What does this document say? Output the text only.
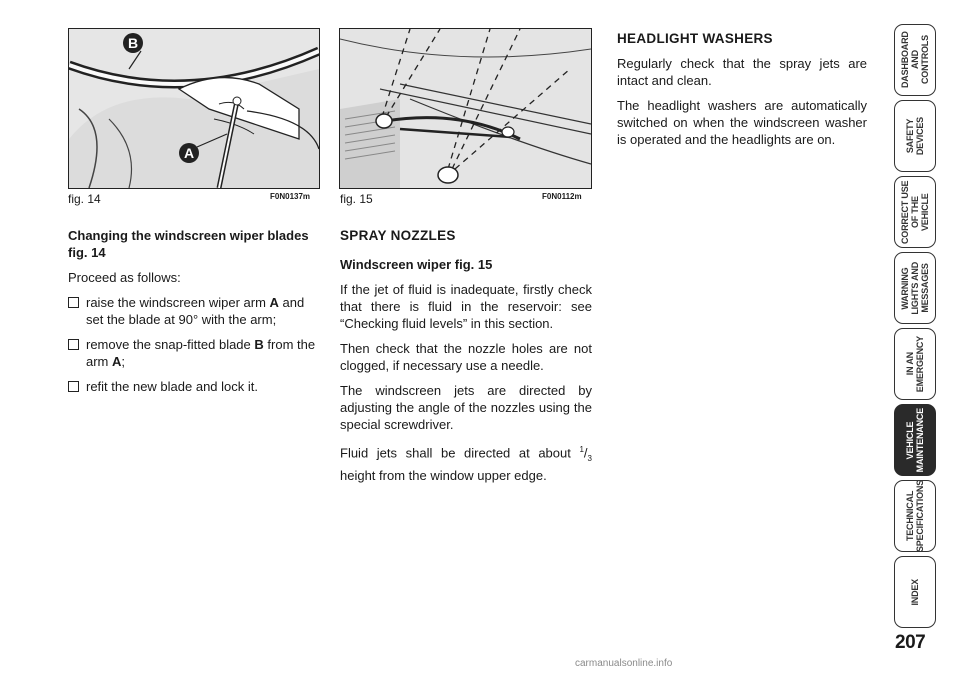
B
A
fig. 14	F0N0137m fig. 15	F0N0112m
Changing the windscreen wiper blades fig. 14

Proceed as follows:

raise the windscreen wiper arm A and set the blade at 90° with the arm;
remove the snap-fitted blade B from the arm A;
refit the new blade and lock it.
SPRAY NOZZLES
Windscreen wiper fig. 15

If the jet of fluid is inadequate, firstly check that there is fluid in the reservoir: see “Checking fluid levels” in this section.

Then check that the nozzle holes are not clogged, if necessary use a needle.

The windscreen jets are directed by adjusting the angle of the nozzles using the special screwdriver.

Fluid jets shall be directed at about $^1/_3$ height from the window upper edge.

HEADLIGHT WASHERS

Regularly check that the spray jets are intact and clean.

The headlight washers are automatically switched on when the windscreen washer is operated and the headlights are on.

DASHBOARD
AND CONTROLS
SAFETY
DEVICES
CORRECT USE
OF THE VEHICLE
WARNING
LIGHTS AND
MESSAGES
IN AN
EMERGENCY
VEHICLE
MAINTENANCE
TECHNICAL
SPECIFICATIONS
INDEX
207
carmanualsonline.info
